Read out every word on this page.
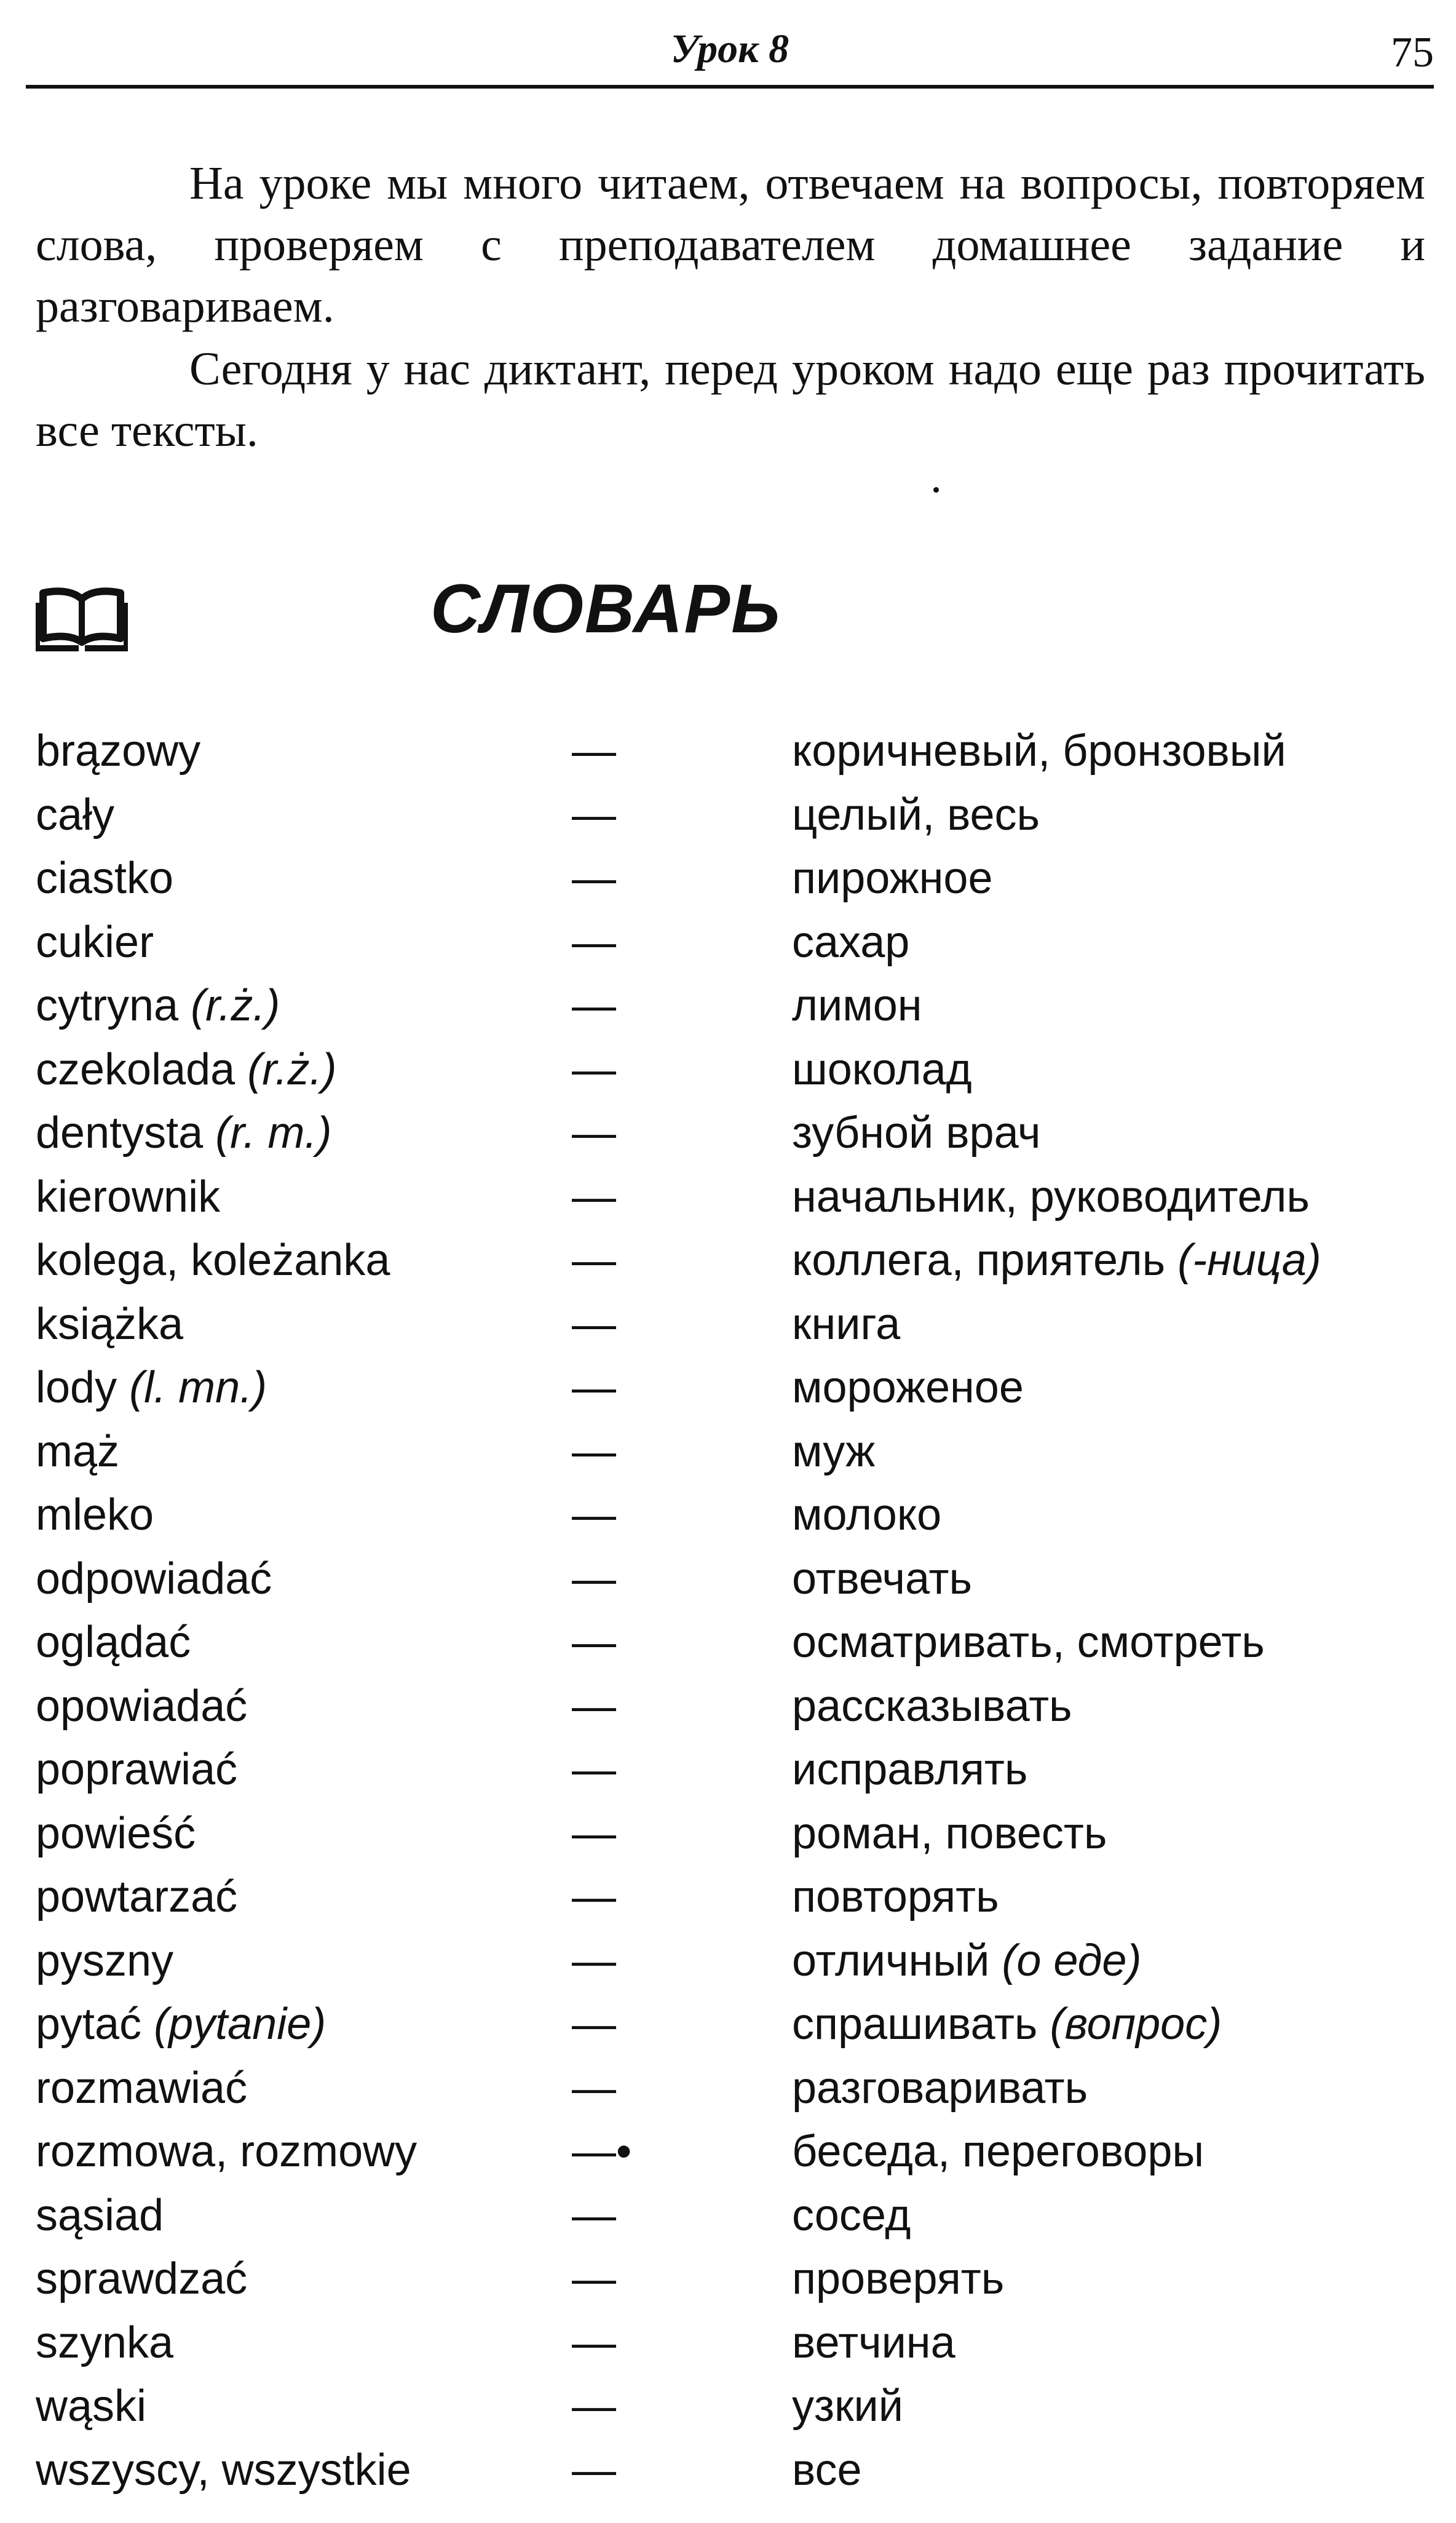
Урок 8	75

На уроке мы много читаем, отвечаем на вопросы, повторяем слова, проверяем с преподавателем домашнее задание и разговариваем.

Сегодня у нас диктант, перед уроком надо еще раз прочитать все тексты.

СЛОВАРЬ
brązowy	—	коричневый, бронзовый
cały	—	целый, весь
ciastko	—	пирожное
cukier	—	сахар
cytryna (r.ż.)	—	лимон
czekolada (r.ż.)	—	шоколад
dentysta (r. m.)	—	зубной врач
kierownik	—	начальник, руководитель
kolega, koleżanka	—	коллега, приятель (-ница)
książka	—	книга
lody (l. mn.)	—	мороженое
mąż	—	муж
mleko	—	молоко
odpowiadać	—	отвечать
oglądać	—	осматривать, смотреть
opowiadać	—	рассказывать
poprawiać	—	исправлять
powieść	—	роман, повесть
powtarzać	—	повторять
pyszny	—	отличный (о еде)
pytać (pytanie)	—	спрашивать (вопрос)
rozmawiać	—	разговаривать
rozmowa, rozmowy	—•	беседа, переговоры
sąsiad	—	сосед
sprawdzać	—	проверять
szynka	—	ветчина
wąski	—	узкий
wszyscy, wszystkie	—	все
